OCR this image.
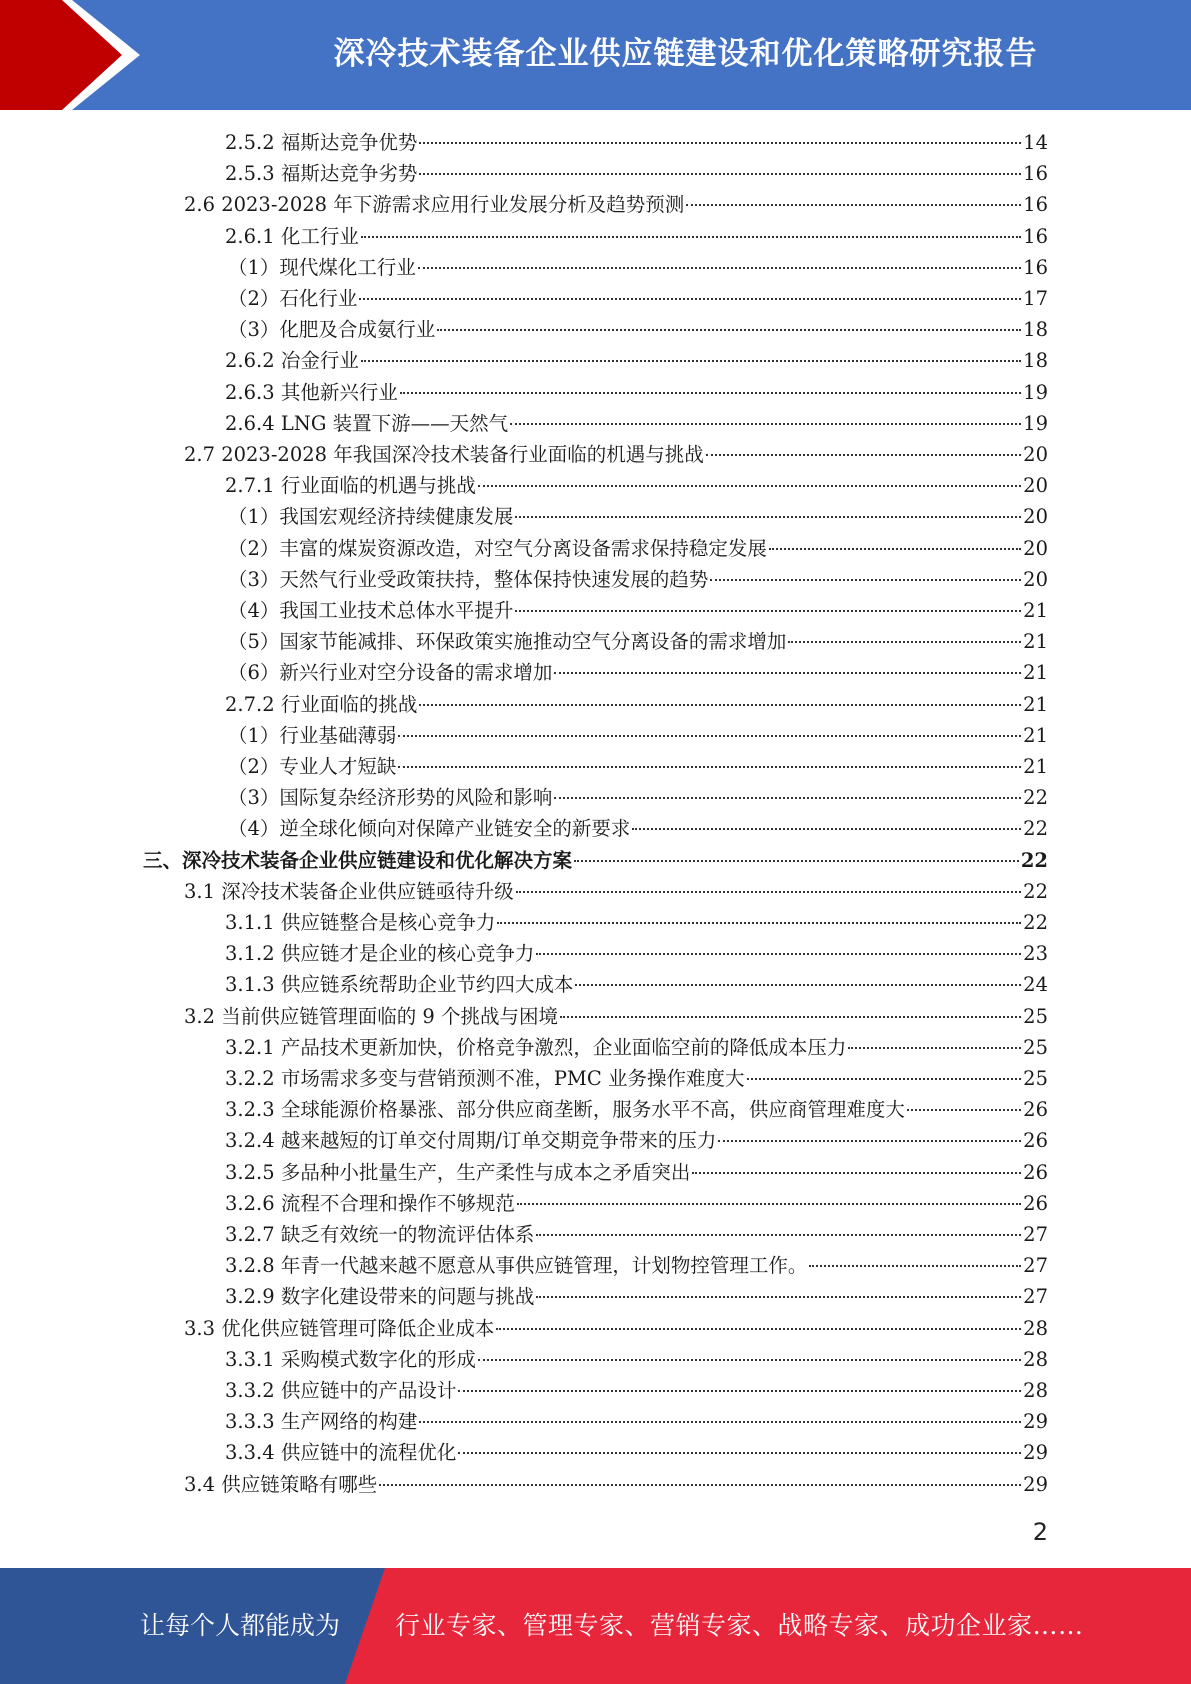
深冷技术装备企业供应链建设和优化策略研究报告
2.5.2 福斯达竞争优势	14
2.5.3 福斯达竞争劣势	16
2.6 2023-2028 年下游需求应用行业发展分析及趋势预测	16
2.6.1 化工行业	16
（1）现代煤化工行业	16
（2）石化行业	17
（3）化肥及合成氨行业	18
2.6.2 冶金行业	18
2.6.3 其他新兴行业	19
2.6.4 LNG 装置下游——天然气	19
2.7 2023-2028 年我国深冷技术装备行业面临的机遇与挑战	20
2.7.1 行业面临的机遇与挑战	20
（1）我国宏观经济持续健康发展	20
（2）丰富的煤炭资源改造，对空气分离设备需求保持稳定发展	20
（3）天然气行业受政策扶持，整体保持快速发展的趋势	20
（4）我国工业技术总体水平提升	21
（5）国家节能减排、环保政策实施推动空气分离设备的需求增加	21
（6）新兴行业对空分设备的需求增加	21
2.7.2 行业面临的挑战	21
（1）行业基础薄弱	21
（2）专业人才短缺	21
（3）国际复杂经济形势的风险和影响	22
（4）逆全球化倾向对保障产业链安全的新要求	22
三、深冷技术装备企业供应链建设和优化解决方案	22
3.1 深冷技术装备企业供应链亟待升级	22
3.1.1 供应链整合是核心竞争力	22
3.1.2 供应链才是企业的核心竞争力	23
3.1.3 供应链系统帮助企业节约四大成本	24
3.2 当前供应链管理面临的 9 个挑战与困境	25
3.2.1 产品技术更新加快，价格竞争激烈，企业面临空前的降低成本压力	25
3.2.2 市场需求多变与营销预测不准，PMC 业务操作难度大	25
3.2.3 全球能源价格暴涨、部分供应商垄断，服务水平不高，供应商管理难度大	26
3.2.4 越来越短的订单交付周期/订单交期竞争带来的压力	26
3.2.5 多品种小批量生产，生产柔性与成本之矛盾突出	26
3.2.6 流程不合理和操作不够规范	26
3.2.7 缺乏有效统一的物流评估体系	27
3.2.8 年青一代越来越不愿意从事供应链管理，计划物控管理工作。	27
3.2.9 数字化建设带来的问题与挑战	27
3.3 优化供应链管理可降低企业成本	28
3.3.1 采购模式数字化的形成	28
3.3.2 供应链中的产品设计	28
3.3.3 生产网络的构建	29
3.3.4 供应链中的流程优化	29
3.4 供应链策略有哪些	29
2
让每个人都能成为 行业专家、管理专家、营销专家、战略专家、成功企业家……
